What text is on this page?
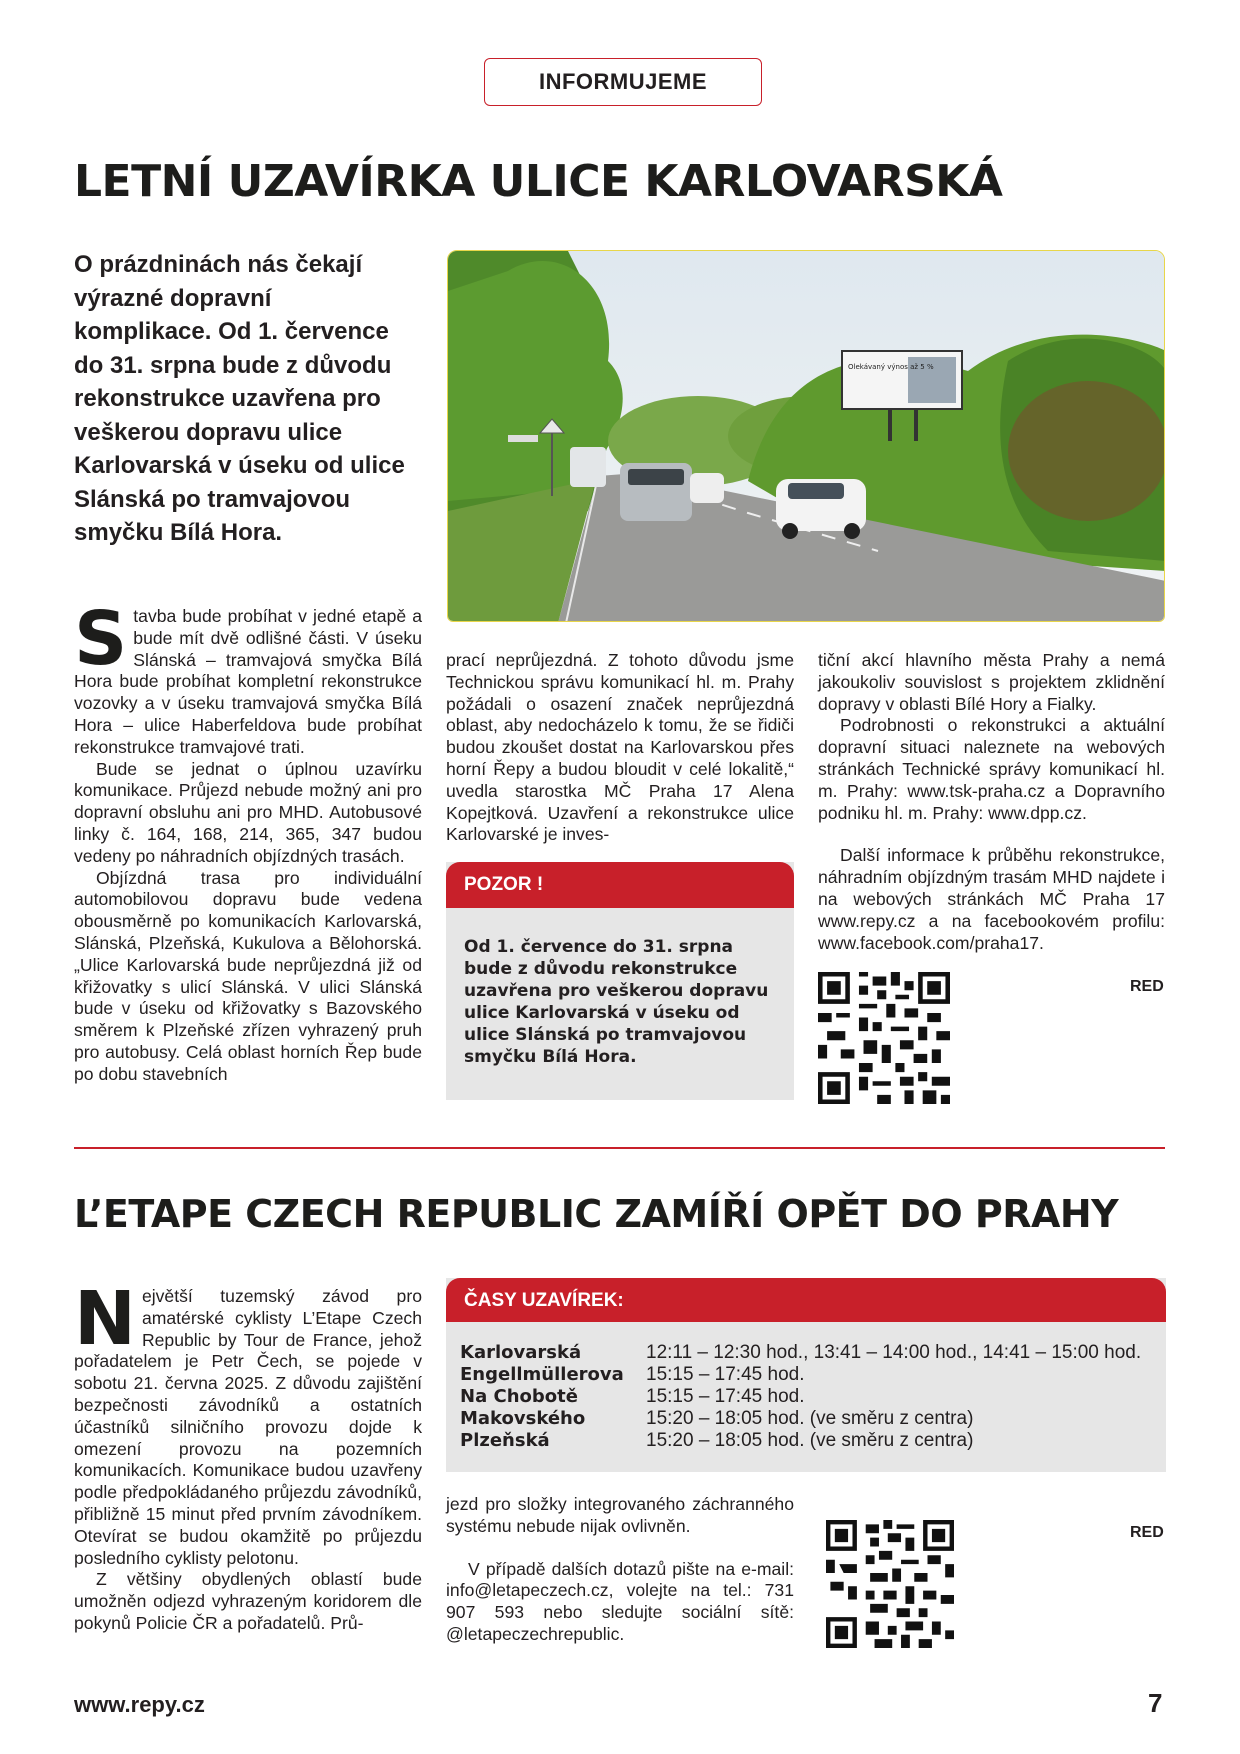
INFORMUJEME
LETNÍ UZAVÍRKA ULICE KARLOVARSKÁ
O prázdninách nás čekají výrazné dopravní komplikace. Od 1. července do 31. srpna bude z důvodu rekonstrukce uzavřena pro veškerou dopravu ulice Karlovarská v úseku od ulice Slánská po tramvajovou smyčku Bílá Hora.
Olekávaný výnos až 5 %

Stavba bude probíhat v jedné etapě a bude mít dvě odlišné části. V úseku Slánská – tramvajová smyčka Bílá Hora bude probíhat kompletní rekonstrukce vozovky a v úseku tramvajová smyčka Bílá Hora – ulice Haberfeldova bude probíhat rekonstrukce tramvajové trati.

Bude se jednat o úplnou uzavírku komunikace. Průjezd nebude možný ani pro dopravní obsluhu ani pro MHD. Autobusové linky č. 164, 168, 214, 365, 347 budou vedeny po náhradních objízdných trasách.

Objízdná trasa pro individuální automobilovou dopravu bude vedena obousměrně po komunikacích Karlovarská, Slánská, Plzeňská, Kukulova a Bělohorská. „Ulice Karlovarská bude neprůjezdná již od křižovatky s ulicí Slánská. V ulici Slánská bude v úseku od křižovatky s Bazovského směrem k Plzeňské zřízen vyhrazený pruh pro autobusy. Celá oblast horních Řep bude po dobu stavebních

prací neprůjezdná. Z tohoto důvodu jsme Technickou správu komunikací hl. m. Prahy požádali o osazení značek neprůjezdná oblast, aby nedocházelo k tomu, že se řidiči budou zkoušet dostat na Karlovarskou přes horní Řepy a budou bloudit v celé lokalitě,“ uvedla starostka MČ Praha 17 Alena Kopejtková. Uzavření a rekonstrukce ulice Karlovarské je inves-

POZOR !
Od 1. července do 31. srpna bude z důvodu rekonstrukce uzavřena pro veškerou dopravu ulice Karlovarská v úseku od ulice Slánská po tramvajovou smyčku Bílá Hora.

tiční akcí hlavního města Prahy a nemá jakoukoliv souvislost s projektem zklidnění dopravy v oblasti Bílé Hory a Fialky.

Podrobnosti o rekonstrukci a aktuální dopravní situaci naleznete na webových stránkách Technické správy komunikací hl. m. Prahy: www.tsk-praha.cz a Dopravního podniku hl. m. Prahy: www.dpp.cz.

Další informace k průběhu rekonstrukce, náhradním objízdným trasám MHD najdete i na webových stránkách MČ Praha 17 www.repy.cz a na facebookovém profilu: www.facebook.com/praha17.

RED
L’ETAPE CZECH REPUBLIC ZAMÍŘÍ OPĚT DO PRAHY

Největší tuzemský závod pro amatérské cyklisty L’Etape Czech Republic by Tour de France, jehož pořadatelem je Petr Čech, se pojede v sobotu 21. června 2025. Z důvodu zajištění bezpečnosti závodníků a ostatních účastníků silničního provozu dojde k omezení provozu na pozemních komunikacích. Komunikace budou uzavřeny podle předpokládaného průjezdu závodníků, přibližně 15 minut před prvním závodníkem. Otevírat se budou okamžitě po průjezdu posledního cyklisty pelotonu.

Z většiny obydlených oblastí bude umožněn odjezd vyhrazeným koridorem dle pokynů Policie ČR a pořadatelů. Prů-

ČASY UZAVÍREK:
Karlovarská	12:11 – 12:30 hod., 13:41 – 14:00 hod., 14:41 – 15:00 hod.
Engellmüllerova	15:15 – 17:45 hod.
Na Chobotě	15:15 – 17:45 hod.
Makovského	15:20 – 18:05 hod. (ve směru z centra)
Plzeňská	15:20 – 18:05 hod. (ve směru z centra)

jezd pro složky integrovaného záchranného systému nebude nijak ovlivněn.

V případě dalších dotazů pište na e-mail: info@letapeczech.cz, volejte na tel.: 731 907 593 nebo sledujte sociální sítě: @letapeczechrepublic.

RED
www.repy.cz	7
